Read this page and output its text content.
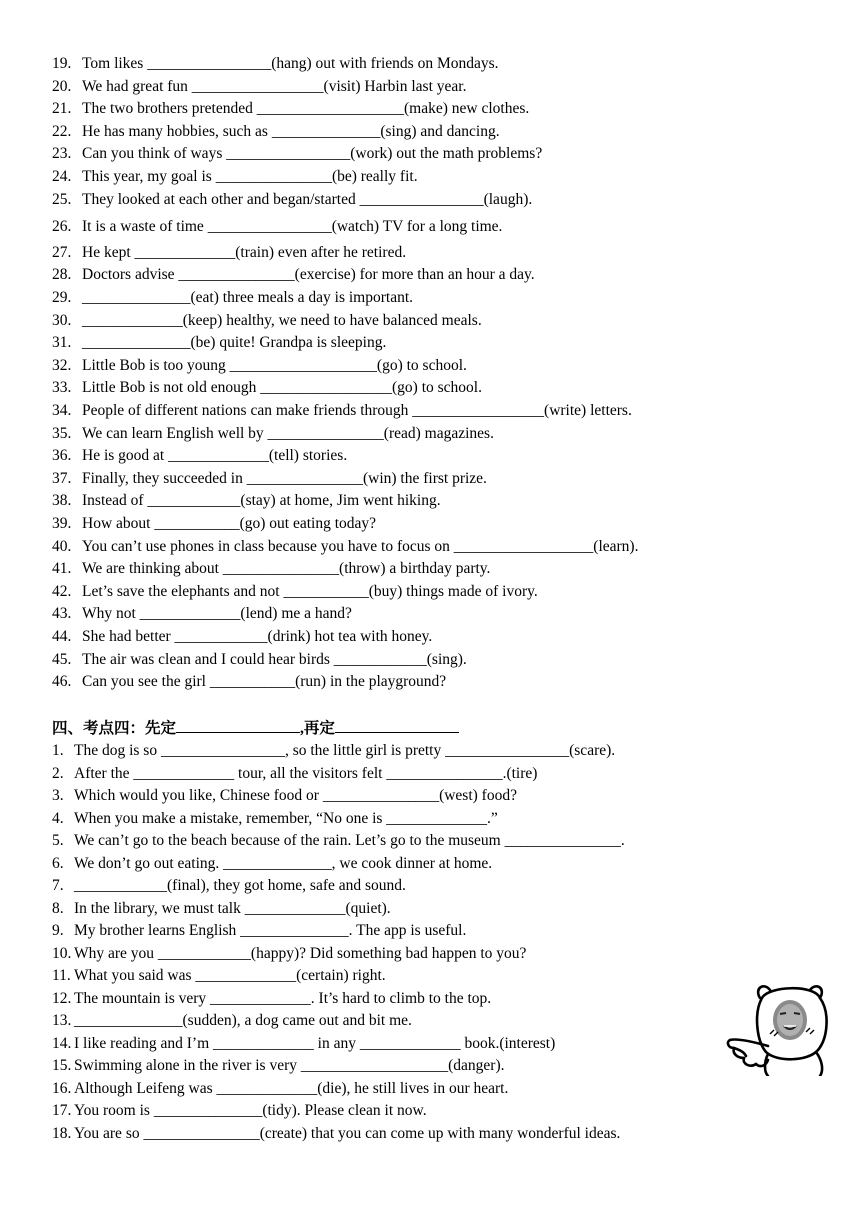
19. Tom likes ________________(hang) out with friends on Mondays.
20. We had great fun _________________(visit) Harbin last year.
21. The two brothers pretended ___________________(make) new clothes.
22. He has many hobbies, such as ______________(sing) and dancing.
23. Can you think of ways ________________(work) out the math problems?
24. This year, my goal is _______________(be) really fit.
25. They looked at each other and began/started ________________(laugh).
26. It is a waste of time ________________(watch) TV for a long time.
27. He kept _____________(train) even after he retired.
28. Doctors advise _______________(exercise) for more than an hour a day.
29. ______________(eat) three meals a day is important.
30. _____________(keep) healthy, we need to have balanced meals.
31. ______________(be) quite! Grandpa is sleeping.
32. Little Bob is too young ___________________(go) to school.
33. Little Bob is not old enough _________________(go) to school.
34. People of different nations can make friends through _________________(write) letters.
35. We can learn English well by _______________(read) magazines.
36. He is good at _____________(tell) stories.
37. Finally, they succeeded in _______________(win) the first prize.
38. Instead of ____________(stay) at home, Jim went hiking.
39. How about ___________(go) out eating today?
40. You can’t use phones in class because you have to focus on __________________(learn).
41. We are thinking about _______________(throw) a birthday party.
42. Let’s save the elephants and not ___________(buy) things made of ivory.
43. Why not _____________(lend) me a hand?
44. She had better ____________(drink) hot tea with honey.
45. The air was clean and I could hear birds ____________(sing).
46. Can you see the girl ___________(run) in the playground?
四、考点四：先定	,再定
1. The dog is so ________________, so the little girl is pretty ________________(scare).
2. After the _____________ tour, all the visitors felt _______________.(tire)
3. Which would you like, Chinese food or _______________(west) food?
4. When you make a mistake, remember, “No one is _____________.”
5. We can’t go to the beach because of the rain. Let’s go to the museum _______________.
6. We don’t go out eating. ______________, we cook dinner at home.
7. ____________(final), they got home, safe and sound.
8. In the library, we must talk _____________(quiet).
9. My brother learns English ______________. The app is useful.
10. Why are you ____________(happy)? Did something bad happen to you?
11. What you said was _____________(certain) right.
12. The mountain is very _____________. It’s hard to climb to the top.
13. ______________(sudden), a dog came out and bit me.
14. I like reading and I’m _____________ in any _____________ book.(interest)
15. Swimming alone in the river is very ___________________(danger).
16. Although Leifeng was _____________(die), he still lives in our heart.
17. You room is ______________(tidy). Please clean it now.
18. You are so _______________(create) that you can come up with many wonderful ideas.
